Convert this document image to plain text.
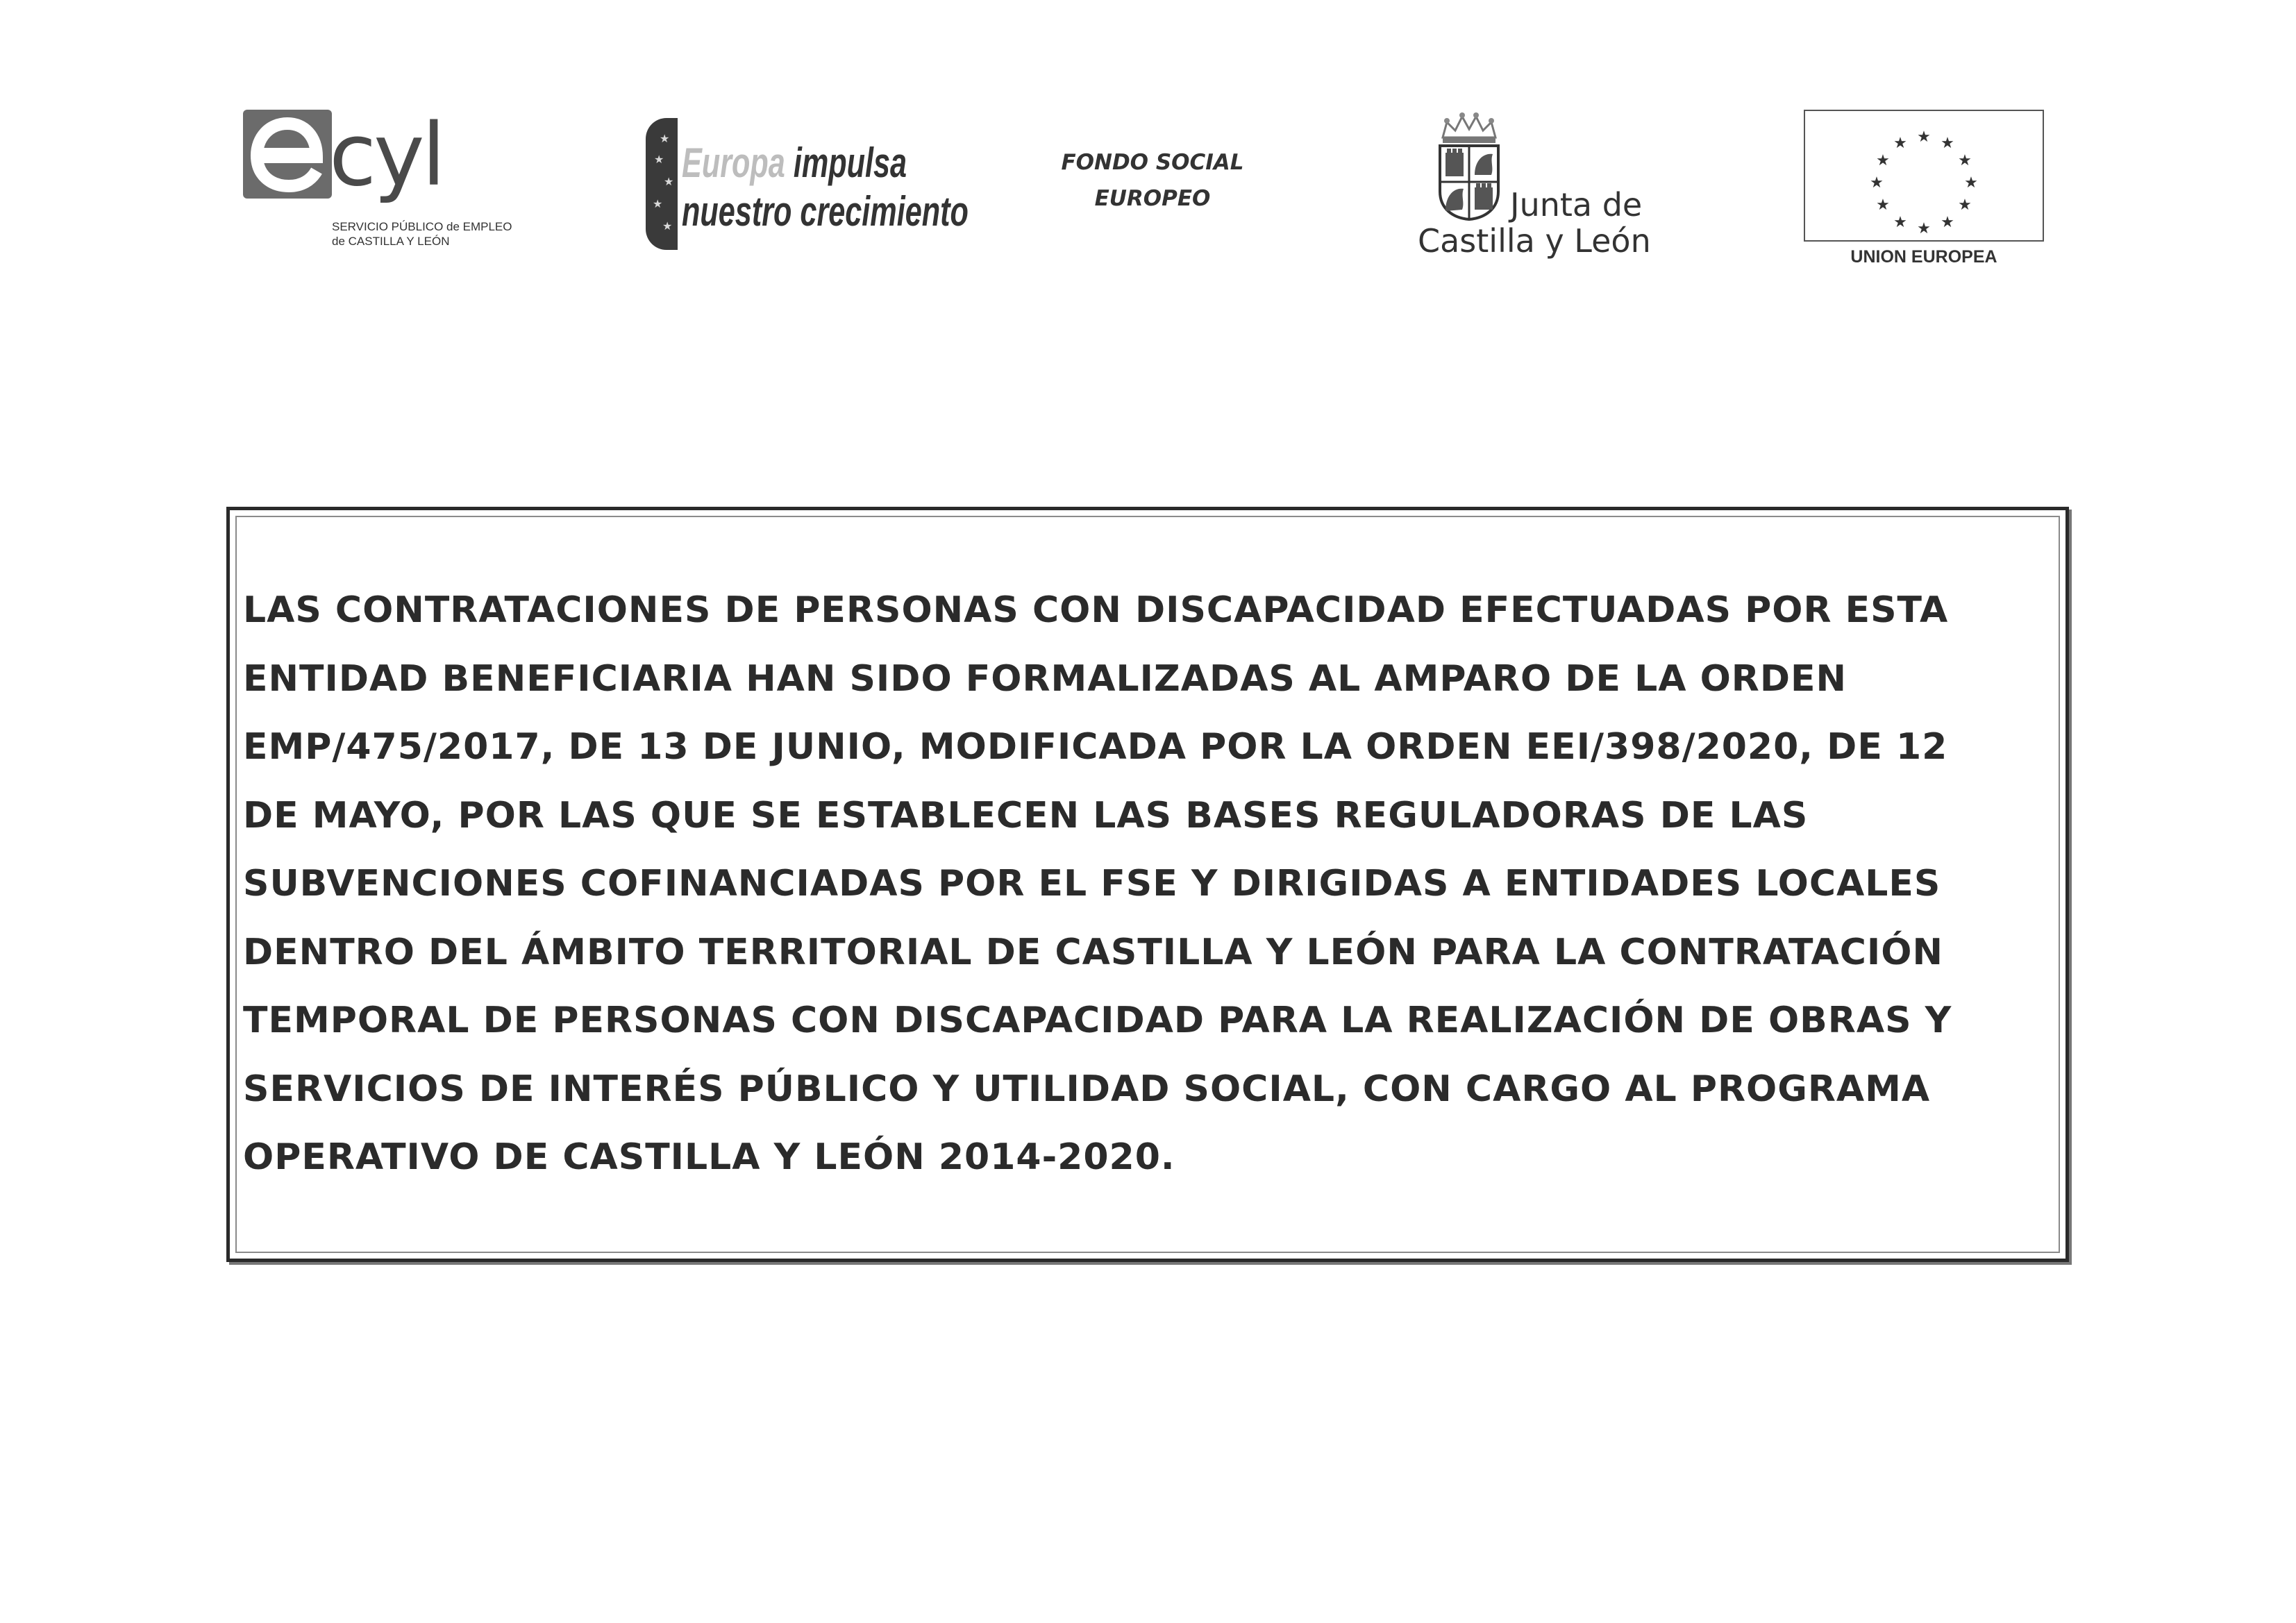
cyl
SERVICIO PÚBLICO de EMPLEO
de CASTILLA Y LEÓN
★
★
★
★
★
Europa impulsa
nuestro crecimiento
FONDO SOCIAL
EUROPEO	Junta de
Castilla y León
★ ★
★
★
★
★
★
★
★
★
★
★
UNION EUROPEA
LAS CONTRATACIONES DE PERSONAS CON DISCAPACIDAD EFECTUADAS POR ESTA
ENTIDAD BENEFICIARIA HAN SIDO FORMALIZADAS AL AMPARO DE LA ORDEN
EMP/475/2017, DE 13 DE JUNIO, MODIFICADA POR LA ORDEN EEI/398/2020, DE 12
DE MAYO, POR LAS QUE SE ESTABLECEN LAS BASES REGULADORAS DE LAS
SUBVENCIONES COFINANCIADAS POR EL FSE Y DIRIGIDAS A ENTIDADES LOCALES
DENTRO DEL ÁMBITO TERRITORIAL DE CASTILLA Y LEÓN PARA LA CONTRATACIÓN
TEMPORAL DE PERSONAS CON DISCAPACIDAD PARA LA REALIZACIÓN DE OBRAS Y
SERVICIOS DE INTERÉS PÚBLICO Y UTILIDAD SOCIAL, CON CARGO AL PROGRAMA
OPERATIVO DE CASTILLA Y LEÓN 2014-2020.
